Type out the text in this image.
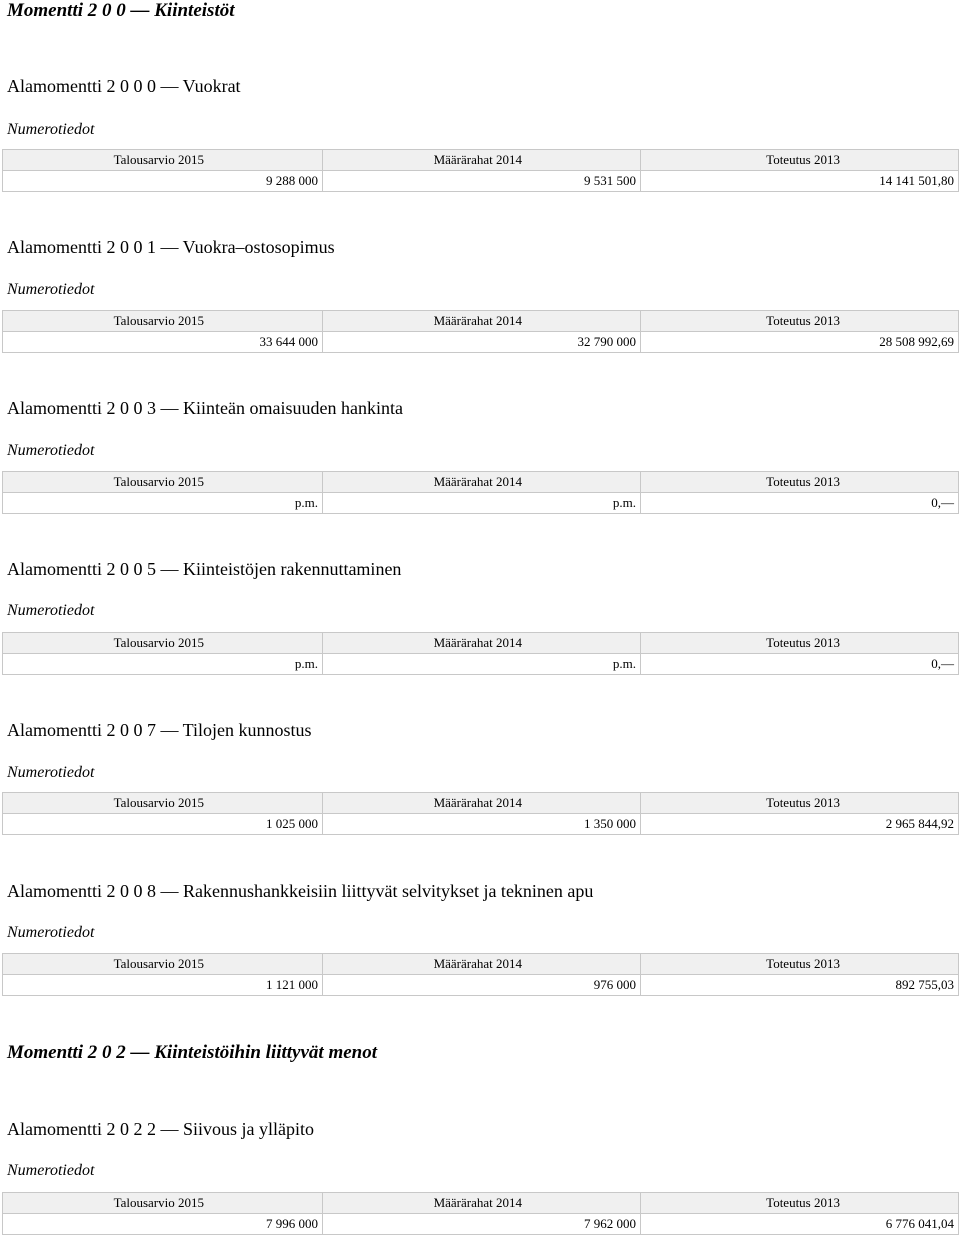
Momentti 2 0 0 — Kiinteistöt
Alamomentti 2 0 0 0 — Vuokrat
Numerotiedot
Talousarvio 2015	Määrärahat 2014	Toteutus 2013
9 288 000	9 531 500	14 141 501,80
Alamomentti 2 0 0 1 — Vuokra–ostosopimus
Numerotiedot
Talousarvio 2015	Määrärahat 2014	Toteutus 2013
33 644 000	32 790 000	28 508 992,69
Alamomentti 2 0 0 3 — Kiinteän omaisuuden hankinta
Numerotiedot
Talousarvio 2015	Määrärahat 2014	Toteutus 2013
p.m.	p.m.	0,—
Alamomentti 2 0 0 5 — Kiinteistöjen rakennuttaminen
Numerotiedot
Talousarvio 2015	Määrärahat 2014	Toteutus 2013
p.m.	p.m.	0,—
Alamomentti 2 0 0 7 — Tilojen kunnostus
Numerotiedot
Talousarvio 2015	Määrärahat 2014	Toteutus 2013
1 025 000	1 350 000	2 965 844,92
Alamomentti 2 0 0 8 — Rakennushankkeisiin liittyvät selvitykset ja tekninen apu
Numerotiedot
Talousarvio 2015	Määrärahat 2014	Toteutus 2013
1 121 000	976 000	892 755,03
Momentti 2 0 2 — Kiinteistöihin liittyvät menot
Alamomentti 2 0 2 2 — Siivous ja ylläpito
Numerotiedot
Talousarvio 2015	Määrärahat 2014	Toteutus 2013
7 996 000	7 962 000	6 776 041,04
